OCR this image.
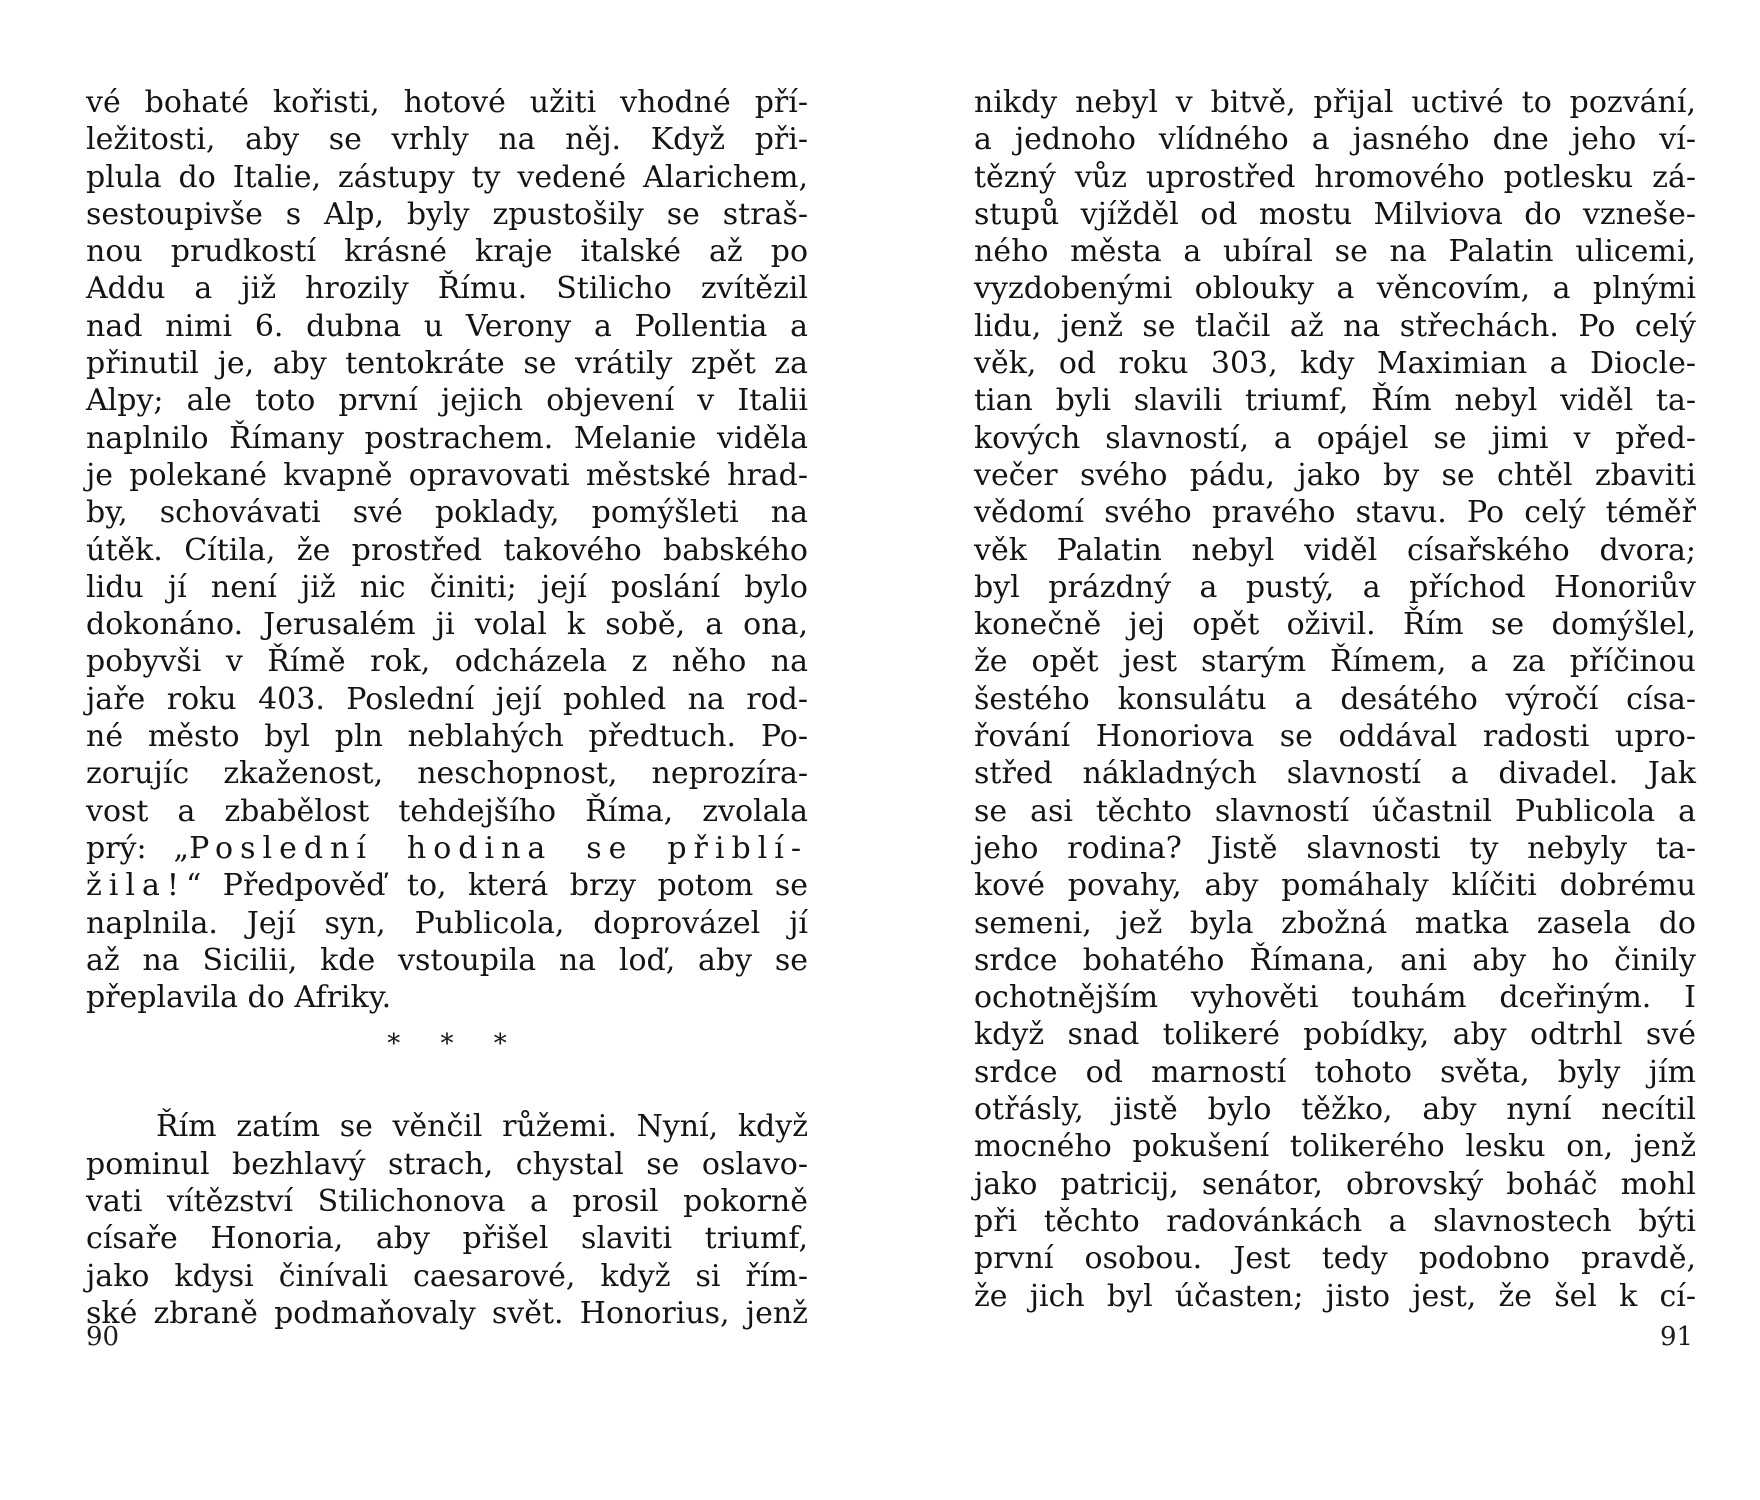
vé bohaté kořisti, hotové užiti vhodné pří-
ležitosti, aby se vrhly na něj. Když při-
plula do Italie, zástupy ty vedené Alarichem,
sestoupivše s Alp, byly zpustošily se straš-
nou prudkostí krásné kraje italské až po
Addu a již hrozily Římu. Stilicho zvítězil
nad nimi 6. dubna u Verony a Pollentia a
přinutil je, aby tentokráte se vrátily zpět za
Alpy; ale toto první jejich objevení v Italii
naplnilo Římany postrachem. Melanie viděla
je polekané kvapně opravovati městské hrad-
by, schovávati své poklady, pomýšleti na
útěk. Cítila, že prostřed takového babského
lidu jí není již nic činiti; její poslání bylo
dokonáno. Jerusalém ji volal k sobě, a ona,
pobyvši v Římě rok, odcházela z něho na
jaře roku 403. Poslední její pohled na rod-
né město byl pln neblahých předtuch. Po-
zorujíc zkaženost, neschopnost, neprozíra-
vost a zbabělost tehdejšího Říma, zvolala
prý: „Poslední hodina se přiblí-
žila!“ Předpověď to, která brzy potom se
naplnila. Její syn, Publicola, doprovázel jí
až na Sicilii, kde vstoupila na loď, aby se
přeplavila do Afriky.
* * *
Řím zatím se věnčil růžemi. Nyní, když
pominul bezhlavý strach, chystal se oslavo-
vati vítězství Stilichonova a prosil pokorně
císaře Honoria, aby přišel slaviti triumf,
jako kdysi činívali caesarové, když si řím-
ské zbraně podmaňovaly svět. Honorius, jenž
90
nikdy nebyl v bitvě, přijal uctivé to pozvání,
a jednoho vlídného a jasného dne jeho ví-
tězný vůz uprostřed hromového potlesku zá-
stupů vjížděl od mostu Milviova do vzneše-
ného města a ubíral se na Palatin ulicemi,
vyzdobenými oblouky a věncovím, a plnými
lidu, jenž se tlačil až na střechách. Po celý
věk, od roku 303, kdy Maximian a Diocle-
tian byli slavili triumf, Řím nebyl viděl ta-
kových slavností, a opájel se jimi v před-
večer svého pádu, jako by se chtěl zbaviti
vědomí svého pravého stavu. Po celý téměř
věk Palatin nebyl viděl císařského dvora;
byl prázdný a pustý, a příchod Honoriův
konečně jej opět oživil. Řím se domýšlel,
že opět jest starým Římem, a za příčinou
šestého konsulátu a desátého výročí císa-
řování Honoriova se oddával radosti upro-
střed nákladných slavností a divadel. Jak
se asi těchto slavností účastnil Publicola a
jeho rodina? Jistě slavnosti ty nebyly ta-
kové povahy, aby pomáhaly klíčiti dobrému
semeni, jež byla zbožná matka zasela do
srdce bohatého Římana, ani aby ho činily
ochotnějším vyhověti touhám dceřiným. I
když snad tolikeré pobídky, aby odtrhl své
srdce od marností tohoto světa, byly jím
otřásly, jistě bylo těžko, aby nyní necítil
mocného pokušení tolikerého lesku on, jenž
jako patricij, senátor, obrovský boháč mohl
při těchto radovánkách a slavnostech býti
první osobou. Jest tedy podobno pravdě,
že jich byl účasten; jisto jest, že šel k cí-
91
